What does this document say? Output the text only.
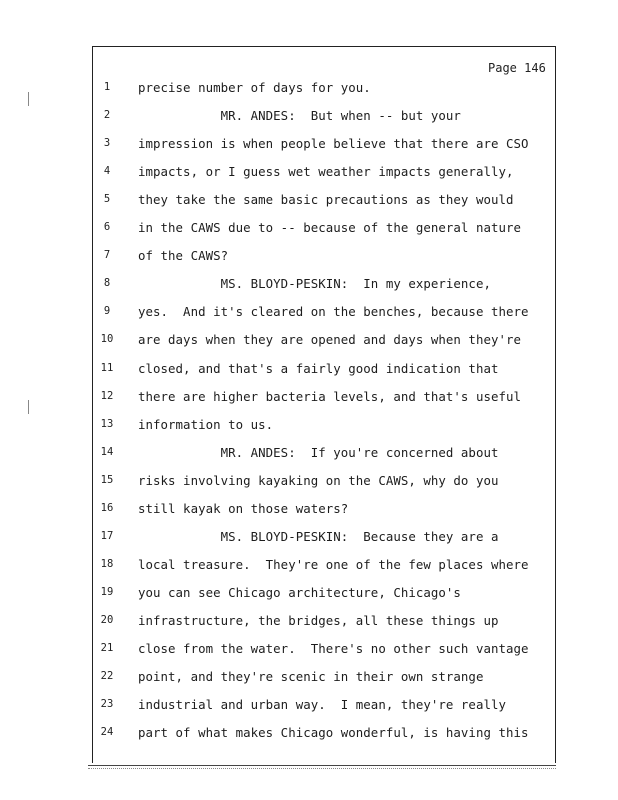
Page 146
1	precise number of days for you.
2	MR. ANDES:  But when -- but your
3	impression is when people believe that there are CSO
4	impacts, or I guess wet weather impacts generally,
5	they take the same basic precautions as they would
6	in the CAWS due to -- because of the general nature
7	of the CAWS?
8	MS. BLOYD-PESKIN:  In my experience,
9	yes.  And it's cleared on the benches, because there
10	are days when they are opened and days when they're
11	closed, and that's a fairly good indication that
12	there are higher bacteria levels, and that's useful
13	information to us.
14	MR. ANDES:  If you're concerned about
15	risks involving kayaking on the CAWS, why do you
16	still kayak on those waters?
17	MS. BLOYD-PESKIN:  Because they are a
18	local treasure.  They're one of the few places where
19	you can see Chicago architecture, Chicago's
20	infrastructure, the bridges, all these things up
21	close from the water.  There's no other such vantage
22	point, and they're scenic in their own strange
23	industrial and urban way.  I mean, they're really
24	part of what makes Chicago wonderful, is having this
